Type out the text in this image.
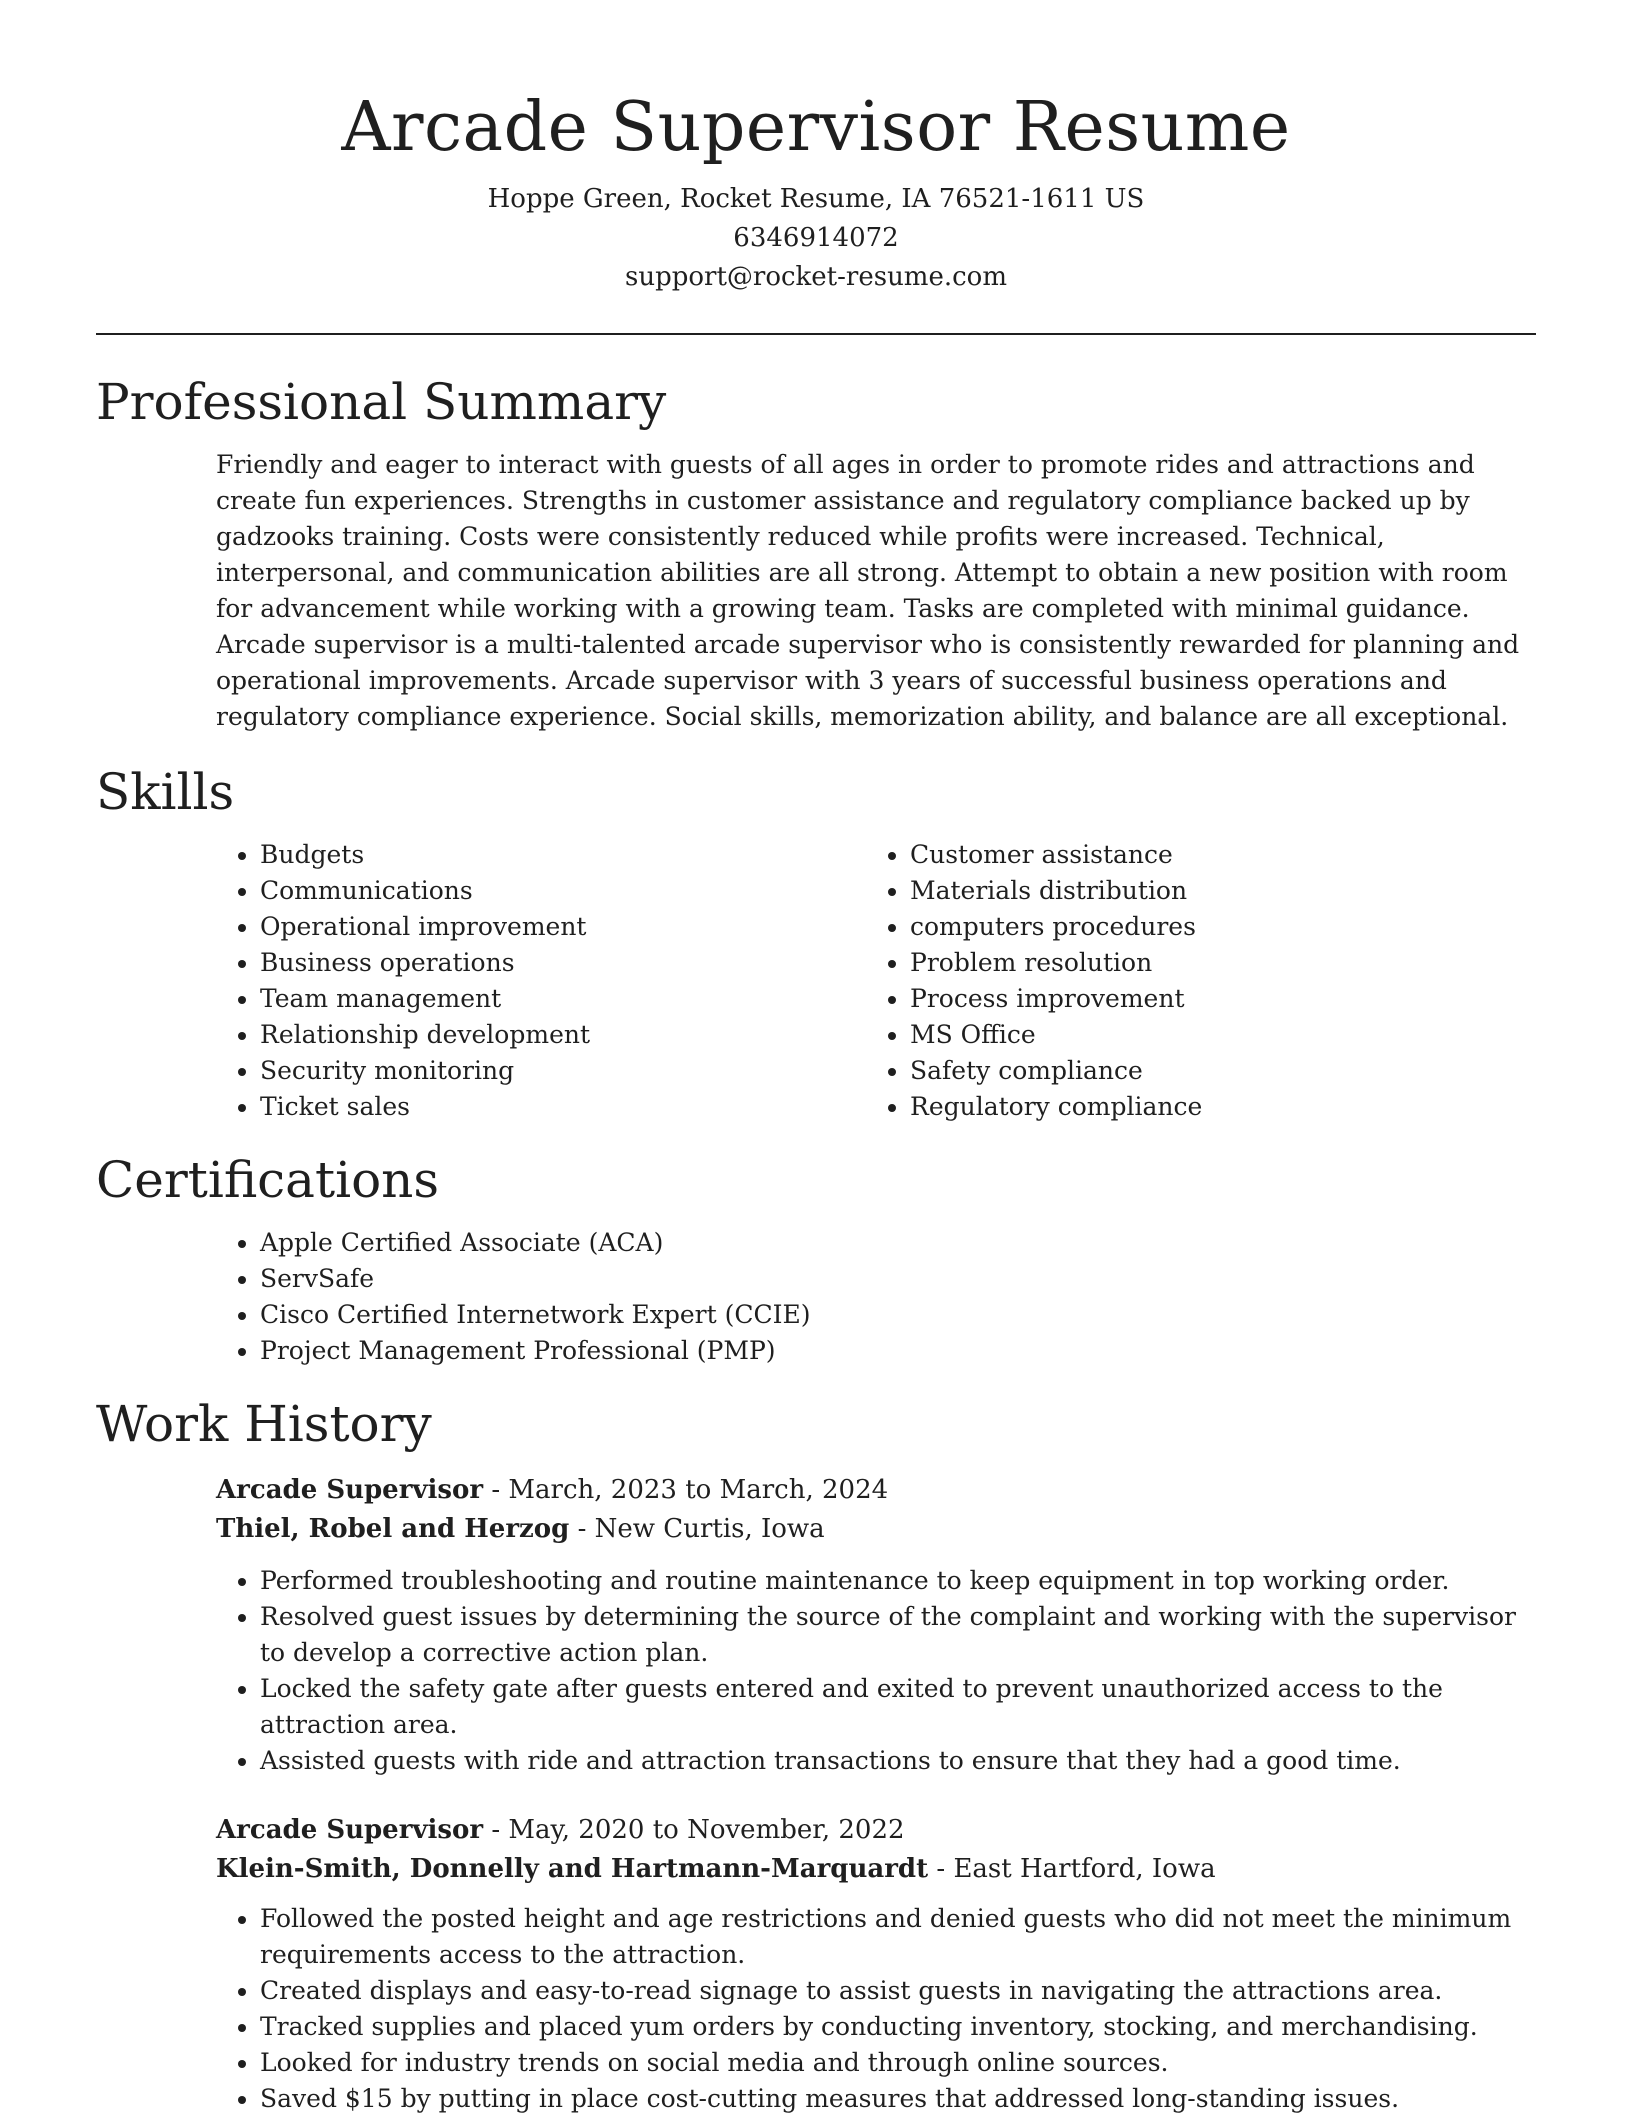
Arcade Supervisor Resume
Hoppe Green, Rocket Resume, IA 76521-1611 US
6346914072
support@rocket-resume.com
Professional Summary

Friendly and eager to interact with guests of all ages in order to promote rides and attractions and create fun experiences. Strengths in customer assistance and regulatory compliance backed up by gadzooks training. Costs were consistently reduced while profits were increased. Technical, interpersonal, and communication abilities are all strong. Attempt to obtain a new position with room for advancement while working with a growing team. Tasks are completed with minimal guidance. Arcade supervisor is a multi-talented arcade supervisor who is consistently rewarded for planning and operational improvements. Arcade supervisor with 3 years of successful business operations and regulatory compliance experience. Social skills, memorization ability, and balance are all exceptional.

Skills
• Budgets
• Communications
• Operational improvement
• Business operations
• Team management
• Relationship development
• Security monitoring
• Ticket sales
• Customer assistance
• Materials distribution
• computers procedures
• Problem resolution
• Process improvement
• MS Office
• Safety compliance
• Regulatory compliance
Certifications
• Apple Certified Associate (ACA)
• ServSafe
• Cisco Certified Internetwork Expert (CCIE)
• Project Management Professional (PMP)
Work History
Arcade Supervisor - March, 2023 to March, 2024
Thiel, Robel and Herzog - New Curtis, Iowa
• Performed troubleshooting and routine maintenance to keep equipment in top working order.
• Resolved guest issues by determining the source of the complaint and working with the supervisor to develop a corrective action plan.
• Locked the safety gate after guests entered and exited to prevent unauthorized access to the attraction area.
• Assisted guests with ride and attraction transactions to ensure that they had a good time.
Arcade Supervisor - May, 2020 to November, 2022
Klein-Smith, Donnelly and Hartmann-Marquardt - East Hartford, Iowa
• Followed the posted height and age restrictions and denied guests who did not meet the minimum requirements access to the attraction.
• Created displays and easy-to-read signage to assist guests in navigating the attractions area.
• Tracked supplies and placed yum orders by conducting inventory, stocking, and merchandising.
• Looked for industry trends on social media and through online sources.
• Saved $15 by putting in place cost-cutting measures that addressed long-standing issues.
